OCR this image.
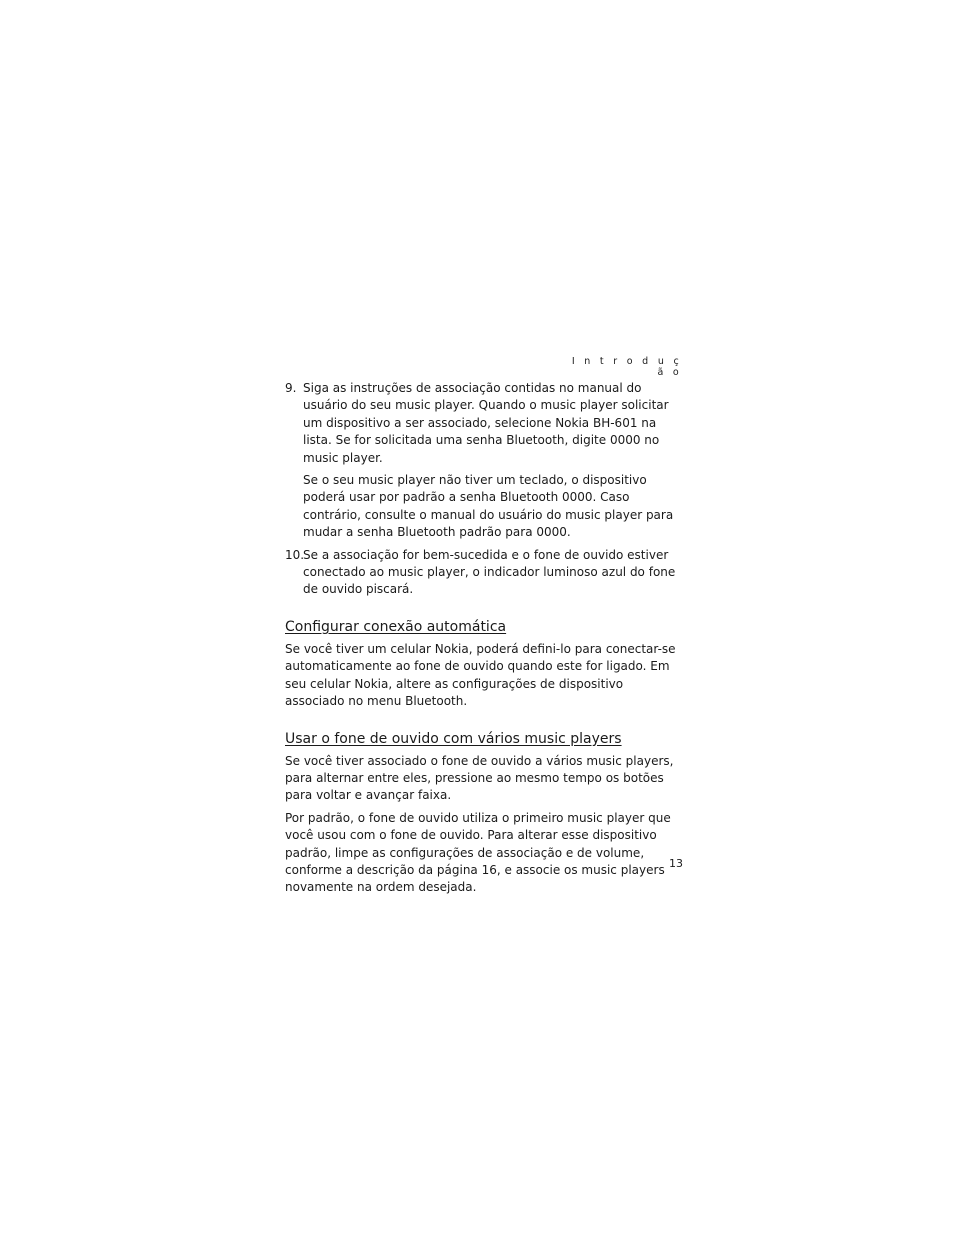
I n t r o d u ç ã o
9. Siga as instruções de associação contidas no manual do usuário do seu music player. Quando o music player solicitar um dispositivo a ser associado, selecione Nokia BH-601 na lista. Se for solicitada uma senha Bluetooth, digite 0000 no music player.

Se o seu music player não tiver um teclado, o dispositivo poderá usar por padrão a senha Bluetooth 0000. Caso contrário, consulte o manual do usuário do music player para mudar a senha Bluetooth padrão para 0000.

10.

Se a associação for bem-sucedida e o fone de ouvido estiver conectado ao music player, o indicador luminoso azul do fone de ouvido piscará.

Configurar conexão automática

Se você tiver um celular Nokia, poderá defini-lo para conectar-se automaticamente ao fone de ouvido quando este for ligado. Em seu celular Nokia, altere as configurações de dispositivo associado no menu Bluetooth.

Usar o fone de ouvido com vários music players

Se você tiver associado o fone de ouvido a vários music players, para alternar entre eles, pressione ao mesmo tempo os botões para voltar e avançar faixa.

Por padrão, o fone de ouvido utiliza o primeiro music player que você usou com o fone de ouvido. Para alterar esse dispositivo padrão, limpe as configurações de associação e de volume, conforme a descrição da página 16, e associe os music players novamente na ordem desejada.

13
